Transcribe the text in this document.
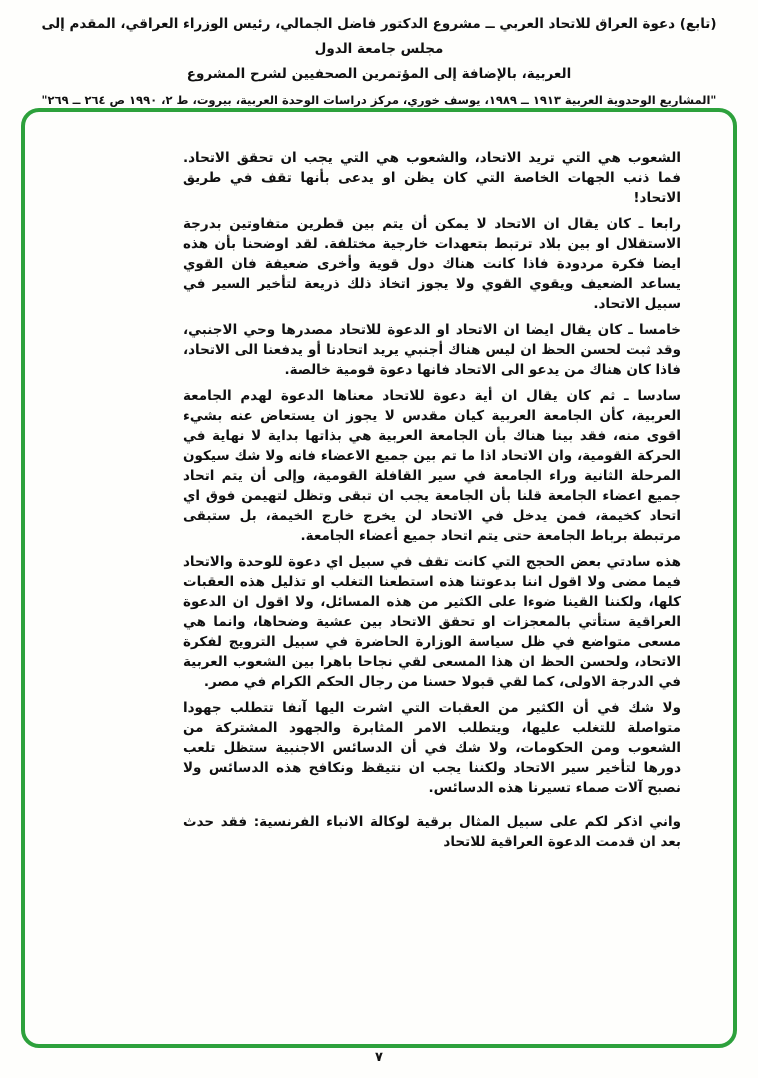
(تابع) دعوة العراق للاتحاد العربي ــ مشروع الدكتور فاضل الجمالي، رئيس الوزراء العراقي، المقدم إلى مجلس جامعة الدول
العربية، بالإضافة إلى المؤتمرين الصحفيين لشرح المشروع
"المشاريع الوحدوية العربية ١٩١٣ ــ ١٩٨٩، يوسف خوري، مركز دراسات الوحدة العربية، بيروت، ط ٢، ١٩٩٠ ص ٢٦٤ ــ ٢٦٩"

الشعوب هي التي تريد الاتحاد، والشعوب هي التي يجب ان تحقق الاتحاد. فما ذنب الجهات الخاصة التي كان يظن او يدعى بأنها تقف في طريق الاتحاد!

رابعا ـ كان يقال ان الاتحاد لا يمكن أن يتم بين قطرين متفاوتين بدرجة الاستقلال او بين بلاد ترتبط بتعهدات خارجية مختلفة. لقد اوضحنا بأن هذه ايضا فكرة مردودة فاذا كانت هناك دول قوية وأخرى ضعيفة فان القوي يساعد الضعيف ويقوي القوي ولا يجوز اتخاذ ذلك ذريعة لتأخير السير في سبيل الاتحاد.

خامسا ـ كان يقال ايضا ان الاتحاد او الدعوة للاتحاد مصدرها وحي الاجنبي، وقد ثبت لحسن الحظ ان ليس هناك أجنبي يريد اتحادنا أو يدفعنا الى الاتحاد، فاذا كان هناك من يدعو الى الاتحاد فانها دعوة قومية خالصة.

سادسا ـ ثم كان يقال ان أية دعوة للاتحاد معناها الدعوة لهدم الجامعة العربية، كأن الجامعة العربية كيان مقدس لا يجوز ان يستعاض عنه بشيء اقوى منه، فقد بينا هناك بأن الجامعة العربية هي بذاتها بداية لا نهاية في الحركة القومية، وان الاتحاد اذا ما تم بين جميع الاعضاء فانه ولا شك سيكون المرحلة الثانية وراء الجامعة في سير القافلة القومية، وإلى أن يتم اتحاد جميع اعضاء الجامعة قلنا بأن الجامعة يجب ان تبقى وتظل لتهيمن فوق اي اتحاد كخيمة، فمن يدخل في الاتحاد لن يخرج خارج الخيمة، بل ستبقى مرتبطة برباط الجامعة حتى يتم اتحاد جميع أعضاء الجامعة.

هذه سادتي بعض الحجج التي كانت تقف في سبيل اي دعوة للوحدة والاتحاد فيما مضى ولا اقول اننا بدعوتنا هذه استطعنا التغلب او تذليل هذه العقبات كلها، ولكننا القينا ضوءا على الكثير من هذه المسائل، ولا اقول ان الدعوة العراقية ستأتي بالمعجزات او تحقق الاتحاد بين عشية وضحاها، وانما هي مسعى متواضع في ظل سياسة الوزارة الحاضرة في سبيل الترويج لفكرة الاتحاد، ولحسن الحظ ان هذا المسعى لقي نجاحا باهرا بين الشعوب العربية في الدرجة الاولى، كما لقي قبولا حسنا من رجال الحكم الكرام في مصر.

ولا شك في أن الكثير من العقبات التي اشرت اليها آنفا تتطلب جهودا متواصلة للتغلب عليها، ويتطلب الامر المثابرة والجهود المشتركة من الشعوب ومن الحكومات، ولا شك في أن الدسائس الاجنبية ستظل تلعب دورها لتأخير سير الاتحاد ولكننا يجب ان نتيقظ ونكافح هذه الدسائس ولا نصبح آلات صماء تسيرنا هذه الدسائس.

واني اذكر لكم على سبيل المثال برقية لوكالة الانباء الفرنسية: فقد حدث بعد ان قدمت الدعوة العراقية للاتحاد

٧
